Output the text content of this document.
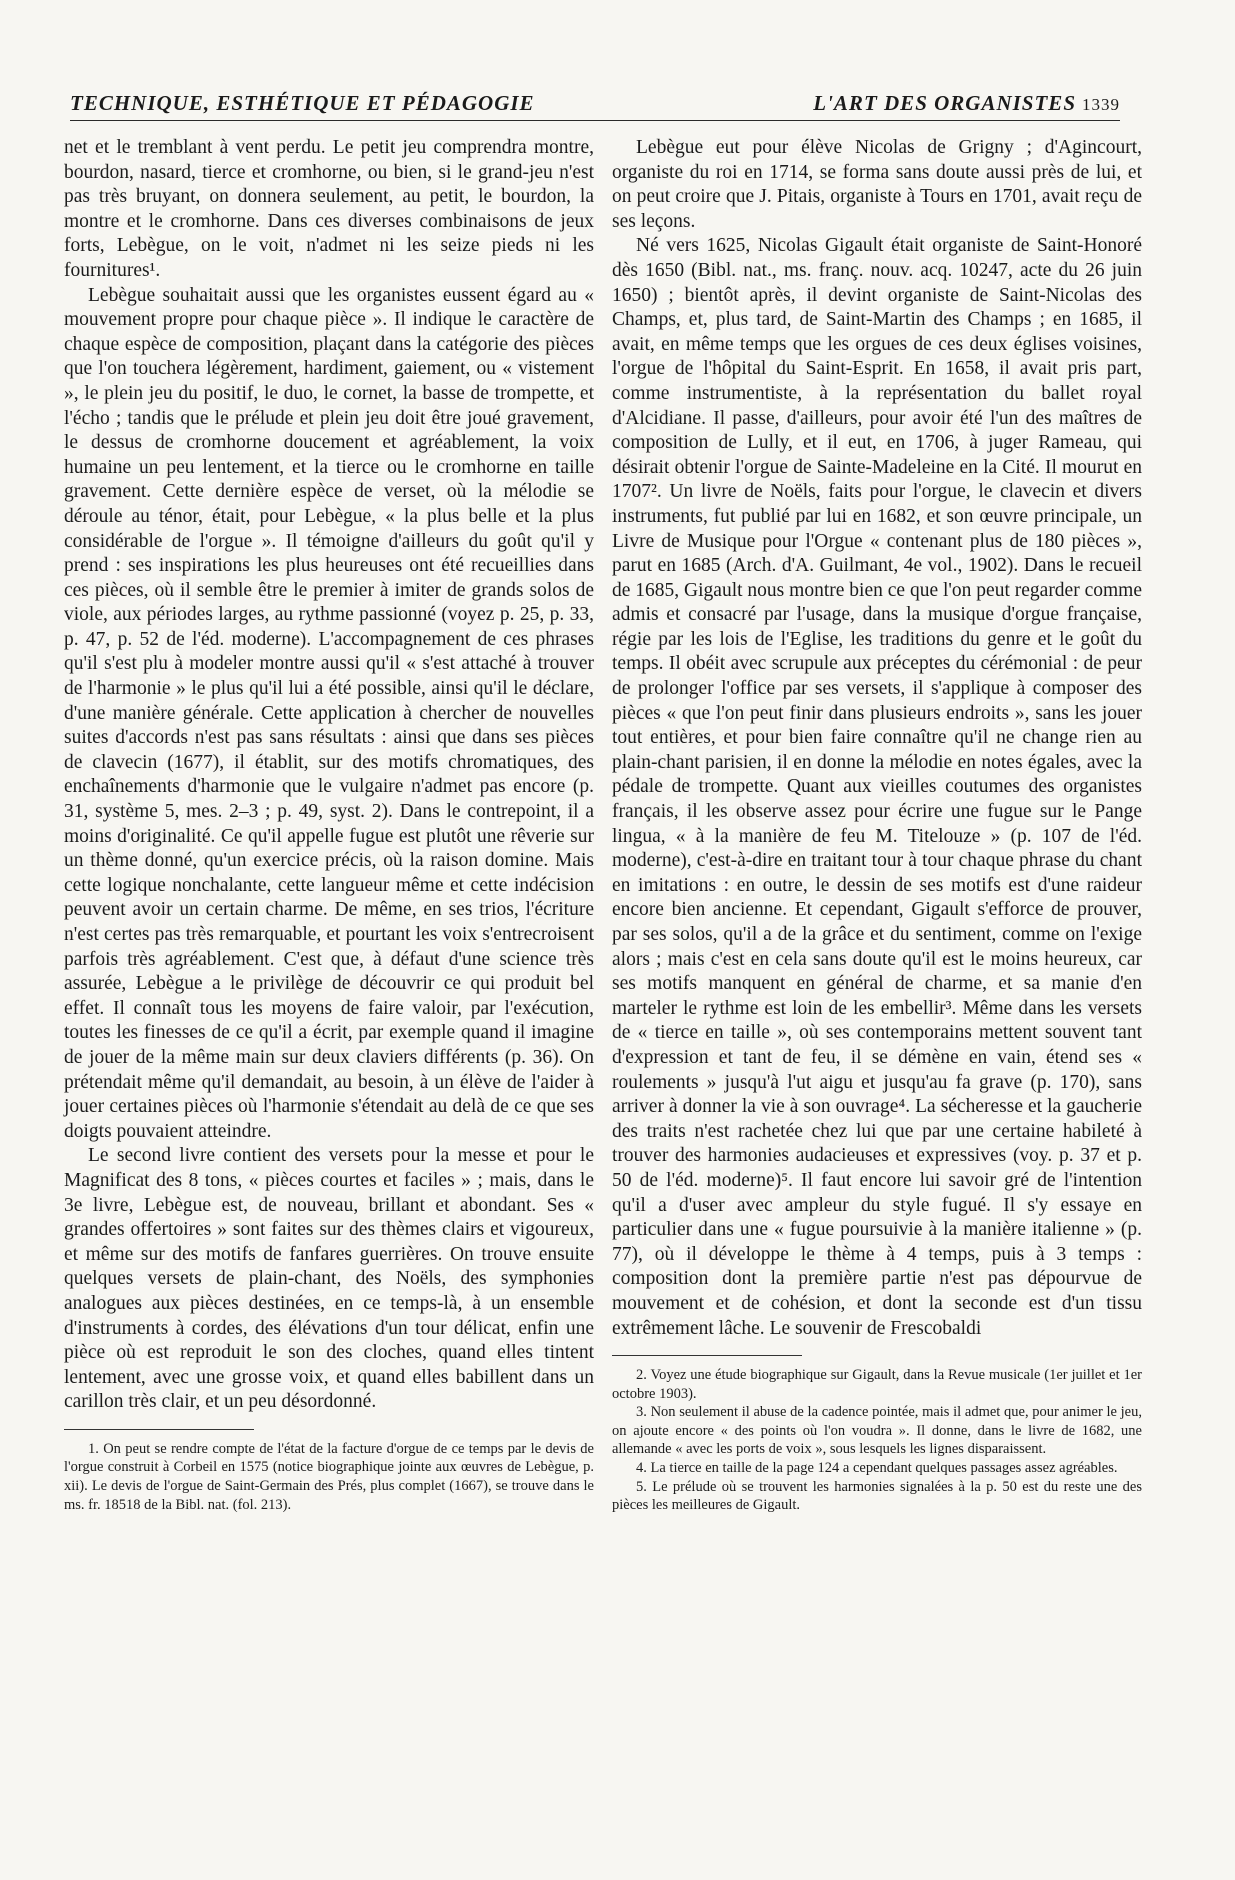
TECHNIQUE, ESTHÉTIQUE ET PÉDAGOGIE	L'ART DES ORGANISTES 1339

net et le tremblant à vent perdu. Le petit jeu comprendra montre, bourdon, nasard, tierce et cromhorne, ou bien, si le grand-jeu n'est pas très bruyant, on donnera seulement, au petit, le bourdon, la montre et le cromhorne. Dans ces diverses combinaisons de jeux forts, Lebègue, on le voit, n'admet ni les seize pieds ni les fournitures¹.

Lebègue souhaitait aussi que les organistes eussent égard au « mouvement propre pour chaque pièce ». Il indique le caractère de chaque espèce de composition, plaçant dans la catégorie des pièces que l'on touchera légèrement, hardiment, gaiement, ou « vistement », le plein jeu du positif, le duo, le cornet, la basse de trompette, et l'écho ; tandis que le prélude et plein jeu doit être joué gravement, le dessus de cromhorne doucement et agréablement, la voix humaine un peu lentement, et la tierce ou le cromhorne en taille gravement. Cette dernière espèce de verset, où la mélodie se déroule au ténor, était, pour Lebègue, « la plus belle et la plus considérable de l'orgue ». Il témoigne d'ailleurs du goût qu'il y prend : ses inspirations les plus heureuses ont été recueillies dans ces pièces, où il semble être le premier à imiter de grands solos de viole, aux périodes larges, au rythme passionné (voyez p. 25, p. 33, p. 47, p. 52 de l'éd. moderne). L'accompagnement de ces phrases qu'il s'est plu à modeler montre aussi qu'il « s'est attaché à trouver de l'harmonie » le plus qu'il lui a été possible, ainsi qu'il le déclare, d'une manière générale. Cette application à chercher de nouvelles suites d'accords n'est pas sans résultats : ainsi que dans ses pièces de clavecin (1677), il établit, sur des motifs chromatiques, des enchaînements d'harmonie que le vulgaire n'admet pas encore (p. 31, système 5, mes. 2–3 ; p. 49, syst. 2). Dans le contrepoint, il a moins d'originalité. Ce qu'il appelle fugue est plutôt une rêverie sur un thème donné, qu'un exercice précis, où la raison domine. Mais cette logique nonchalante, cette langueur même et cette indécision peuvent avoir un certain charme. De même, en ses trios, l'écriture n'est certes pas très remarquable, et pourtant les voix s'entrecroisent parfois très agréablement. C'est que, à défaut d'une science très assurée, Lebègue a le privilège de découvrir ce qui produit bel effet. Il connaît tous les moyens de faire valoir, par l'exécution, toutes les finesses de ce qu'il a écrit, par exemple quand il imagine de jouer de la même main sur deux claviers différents (p. 36). On prétendait même qu'il demandait, au besoin, à un élève de l'aider à jouer certaines pièces où l'harmonie s'étendait au delà de ce que ses doigts pouvaient atteindre.

Le second livre contient des versets pour la messe et pour le Magnificat des 8 tons, « pièces courtes et faciles » ; mais, dans le 3e livre, Lebègue est, de nouveau, brillant et abondant. Ses « grandes offertoires » sont faites sur des thèmes clairs et vigoureux, et même sur des motifs de fanfares guerrières. On trouve ensuite quelques versets de plain-chant, des Noëls, des symphonies analogues aux pièces destinées, en ce temps-là, à un ensemble d'instruments à cordes, des élévations d'un tour délicat, enfin une pièce où est reproduit le son des cloches, quand elles tintent lentement, avec une grosse voix, et quand elles babillent dans un carillon très clair, et un peu désordonné.

1. On peut se rendre compte de l'état de la facture d'orgue de ce temps par le devis de l'orgue construit à Corbeil en 1575 (notice biographique jointe aux œuvres de Lebègue, p. xii). Le devis de l'orgue de Saint-Germain des Prés, plus complet (1667), se trouve dans le ms. fr. 18518 de la Bibl. nat. (fol. 213).

Lebègue eut pour élève Nicolas de Grigny ; d'Agincourt, organiste du roi en 1714, se forma sans doute aussi près de lui, et on peut croire que J. Pitais, organiste à Tours en 1701, avait reçu de ses leçons.

Né vers 1625, Nicolas Gigault était organiste de Saint-Honoré dès 1650 (Bibl. nat., ms. franç. nouv. acq. 10247, acte du 26 juin 1650) ; bientôt après, il devint organiste de Saint-Nicolas des Champs, et, plus tard, de Saint-Martin des Champs ; en 1685, il avait, en même temps que les orgues de ces deux églises voisines, l'orgue de l'hôpital du Saint-Esprit. En 1658, il avait pris part, comme instrumentiste, à la représentation du ballet royal d'Alcidiane. Il passe, d'ailleurs, pour avoir été l'un des maîtres de composition de Lully, et il eut, en 1706, à juger Rameau, qui désirait obtenir l'orgue de Sainte-Madeleine en la Cité. Il mourut en 1707². Un livre de Noëls, faits pour l'orgue, le clavecin et divers instruments, fut publié par lui en 1682, et son œuvre principale, un Livre de Musique pour l'Orgue « contenant plus de 180 pièces », parut en 1685 (Arch. d'A. Guilmant, 4e vol., 1902). Dans le recueil de 1685, Gigault nous montre bien ce que l'on peut regarder comme admis et consacré par l'usage, dans la musique d'orgue française, régie par les lois de l'Eglise, les traditions du genre et le goût du temps. Il obéit avec scrupule aux préceptes du cérémonial : de peur de prolonger l'office par ses versets, il s'applique à composer des pièces « que l'on peut finir dans plusieurs endroits », sans les jouer tout entières, et pour bien faire connaître qu'il ne change rien au plain-chant parisien, il en donne la mélodie en notes égales, avec la pédale de trompette. Quant aux vieilles coutumes des organistes français, il les observe assez pour écrire une fugue sur le Pange lingua, « à la manière de feu M. Titelouze » (p. 107 de l'éd. moderne), c'est-à-dire en traitant tour à tour chaque phrase du chant en imitations : en outre, le dessin de ses motifs est d'une raideur encore bien ancienne. Et cependant, Gigault s'efforce de prouver, par ses solos, qu'il a de la grâce et du sentiment, comme on l'exige alors ; mais c'est en cela sans doute qu'il est le moins heureux, car ses motifs manquent en général de charme, et sa manie d'en marteler le rythme est loin de les embellir³. Même dans les versets de « tierce en taille », où ses contemporains mettent souvent tant d'expression et tant de feu, il se démène en vain, étend ses « roulements » jusqu'à l'ut aigu et jusqu'au fa grave (p. 170), sans arriver à donner la vie à son ouvrage⁴. La sécheresse et la gaucherie des traits n'est rachetée chez lui que par une certaine habileté à trouver des harmonies audacieuses et expressives (voy. p. 37 et p. 50 de l'éd. moderne)⁵. Il faut encore lui savoir gré de l'intention qu'il a d'user avec ampleur du style fugué. Il s'y essaye en particulier dans une « fugue poursuivie à la manière italienne » (p. 77), où il développe le thème à 4 temps, puis à 3 temps : composition dont la première partie n'est pas dépourvue de mouvement et de cohésion, et dont la seconde est d'un tissu extrêmement lâche. Le souvenir de Frescobaldi

2. Voyez une étude biographique sur Gigault, dans la Revue musicale (1er juillet et 1er octobre 1903).

3. Non seulement il abuse de la cadence pointée, mais il admet que, pour animer le jeu, on ajoute encore « des points où l'on voudra ». Il donne, dans le livre de 1682, une allemande « avec les ports de voix », sous lesquels les lignes disparaissent.

4. La tierce en taille de la page 124 a cependant quelques passages assez agréables.

5. Le prélude où se trouvent les harmonies signalées à la p. 50 est du reste une des pièces les meilleures de Gigault.
